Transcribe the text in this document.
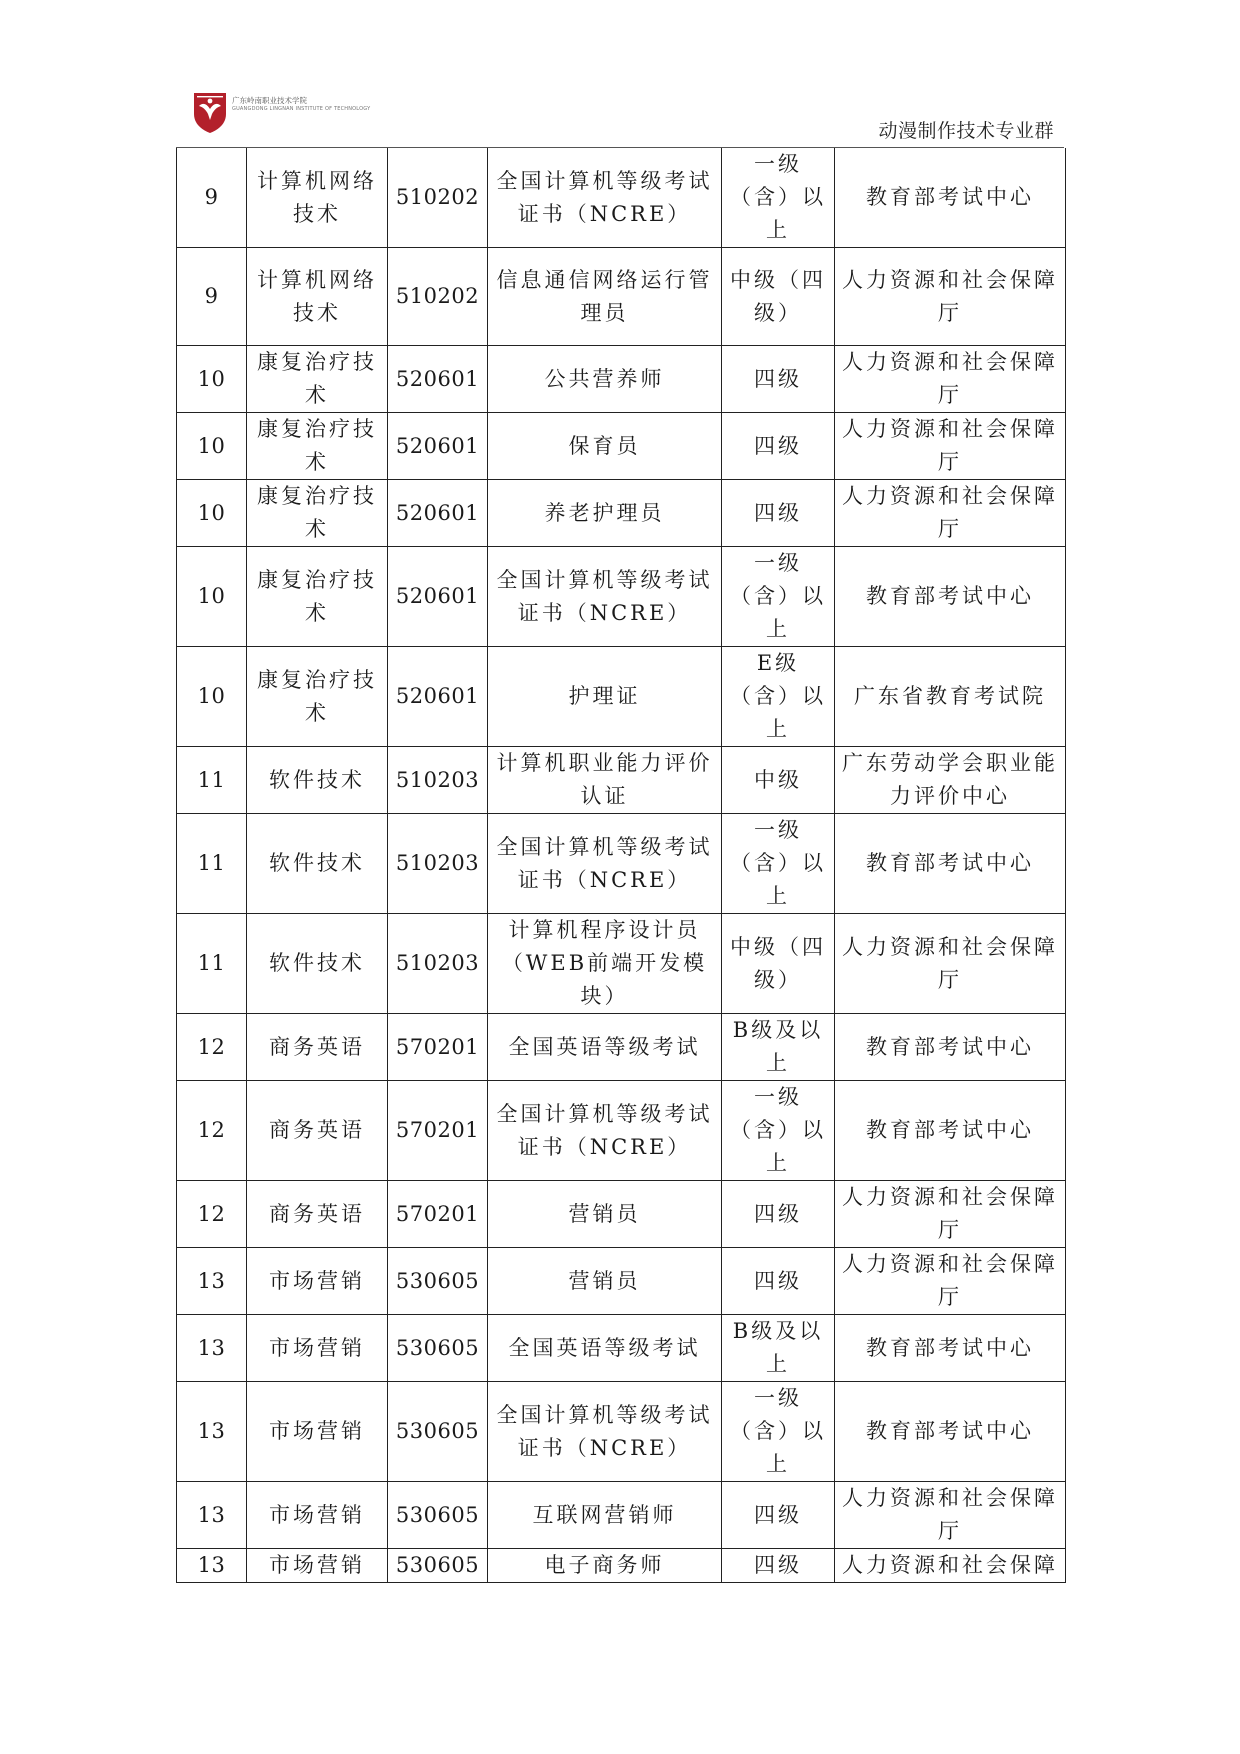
广东岭南职业技术学院
GUANGDONG LINGNAN INSTITUTE OF TECHNOLOGY
动漫制作技术专业群
9	计算机网络技术	510202	全国计算机等级考试证书（NCRE）	一级（含）以上	教育部考试中心
9	计算机网络技术	510202	信息通信网络运行管理员	中级（四级）	人力资源和社会保障厅
10	康复治疗技术	520601	公共营养师	四级	人力资源和社会保障厅
10	康复治疗技术	520601	保育员	四级	人力资源和社会保障厅
10	康复治疗技术	520601	养老护理员	四级	人力资源和社会保障厅
10	康复治疗技术	520601	全国计算机等级考试证书（NCRE）	一级（含）以上	教育部考试中心
10	康复治疗技术	520601	护理证	E级（含）以上	广东省教育考试院
11	软件技术	510203	计算机职业能力评价认证	中级	广东劳动学会职业能力评价中心
11	软件技术	510203	全国计算机等级考试证书（NCRE）	一级（含）以上	教育部考试中心
11	软件技术	510203	计算机程序设计员（WEB前端开发模块）	中级（四级）	人力资源和社会保障厅
12	商务英语	570201	全国英语等级考试	B级及以上	教育部考试中心
12	商务英语	570201	全国计算机等级考试证书（NCRE）	一级（含）以上	教育部考试中心
12	商务英语	570201	营销员	四级	人力资源和社会保障厅
13	市场营销	530605	营销员	四级	人力资源和社会保障厅
13	市场营销	530605	全国英语等级考试	B级及以上	教育部考试中心
13	市场营销	530605	全国计算机等级考试证书（NCRE）	一级（含）以上	教育部考试中心
13	市场营销	530605	互联网营销师	四级	人力资源和社会保障厅
13	市场营销	530605	电子商务师	四级	人力资源和社会保障
